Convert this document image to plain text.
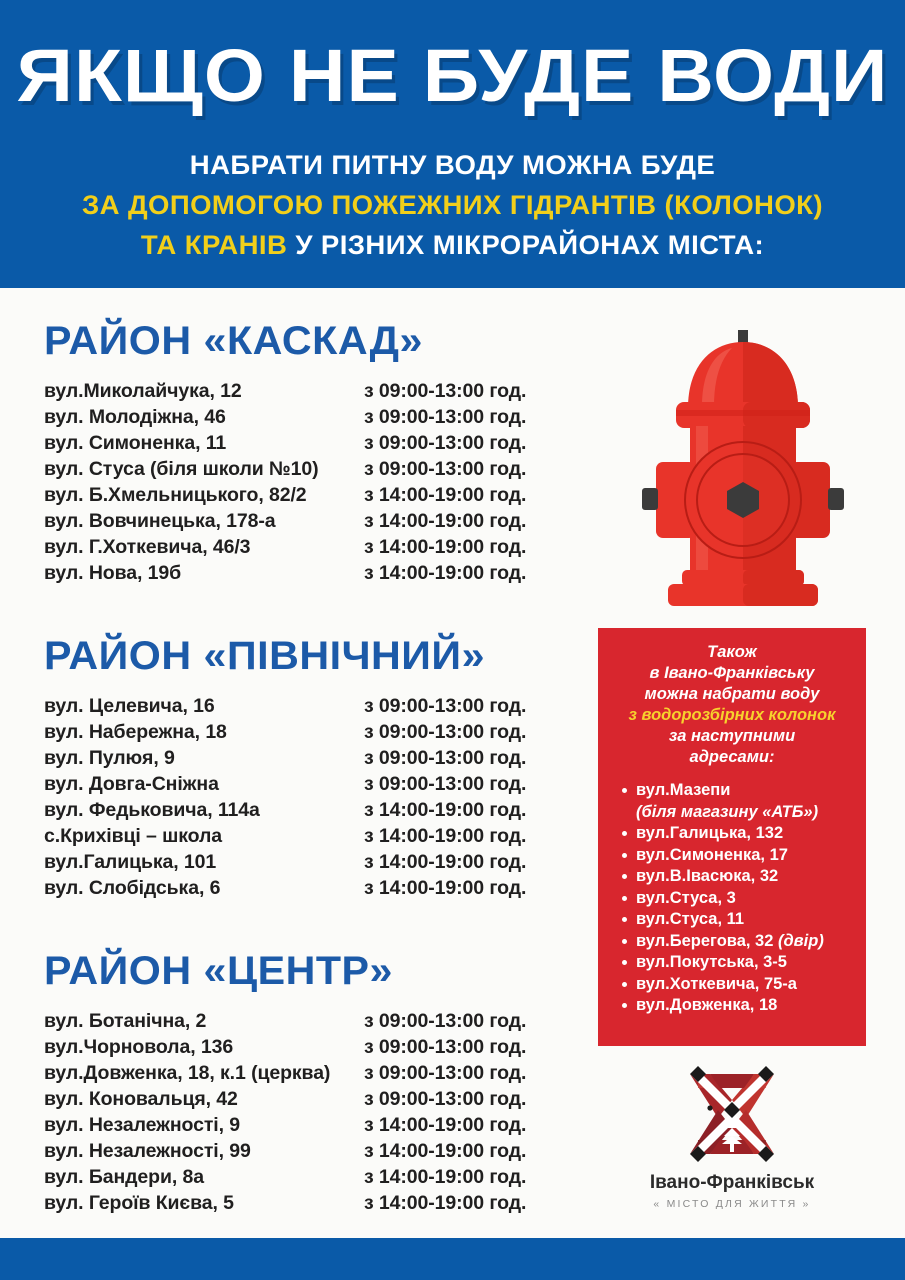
ЯКЩО НЕ БУДЕ ВОДИ
НАБРАТИ ПИТНУ ВОДУ МОЖНА БУДЕ
ЗА ДОПОМОГОЮ ПОЖЕЖНИХ ГІДРАНТІВ (КОЛОНОК)
ТА КРАНІВ У РІЗНИХ МІКРОРАЙОНАХ МІСТА:
РАЙОН «КАСКАД»
вул.Миколайчука, 12	з 09:00-13:00 год.
вул. Молодіжна, 46	з 09:00-13:00 год.
вул. Симоненка, 11	з 09:00-13:00 год.
вул. Стуса (біля школи №10)	з 09:00-13:00 год.
вул. Б.Хмельницького, 82/2	з 14:00-19:00 год.
вул. Вовчинецька, 178-а	з 14:00-19:00 год.
вул. Г.Хоткевича, 46/3	з 14:00-19:00 год.
вул. Нова, 19б	з 14:00-19:00 год.
РАЙОН «ПІВНІЧНИЙ»
вул. Целевича, 16	з 09:00-13:00 год.
вул. Набережна, 18	з 09:00-13:00 год.
вул. Пулюя, 9	з 09:00-13:00 год.
вул. Довга-Сніжна	з 09:00-13:00 год.
вул. Федьковича, 114а	з 14:00-19:00 год.
с.Крихівці – школа	з 14:00-19:00 год.
вул.Галицька, 101	з 14:00-19:00 год.
вул. Слобідська, 6	з 14:00-19:00 год.
РАЙОН «ЦЕНТР»
вул. Ботанічна, 2	з 09:00-13:00 год.
вул.Чорновола, 136	з 09:00-13:00 год.
вул.Довженка, 18, к.1 (церква)	з 09:00-13:00 год.
вул. Коновальця, 42	з 09:00-13:00 год.
вул. Незалежності, 9	з 14:00-19:00 год.
вул. Незалежності, 99	з 14:00-19:00 год.
вул. Бандери, 8а	з 14:00-19:00 год.
вул. Героїв Києва, 5	з 14:00-19:00 год.
Також
в Івано-Франківську
можна набрати воду
з водорозбірних колонок
за наступними
адресами:
вул.Мазепи
(біля магазину «АТБ»)
вул.Галицька, 132
вул.Симоненка, 17
вул.В.Івасюка, 32
вул.Стуса, 3
вул.Стуса, 11
вул.Берегова, 32 (двір)
вул.Покутська, 3-5
вул.Хоткевича, 75-а
вул.Довженка, 18
Івано-Франківськ
« МІСТО ДЛЯ ЖИТТЯ »
